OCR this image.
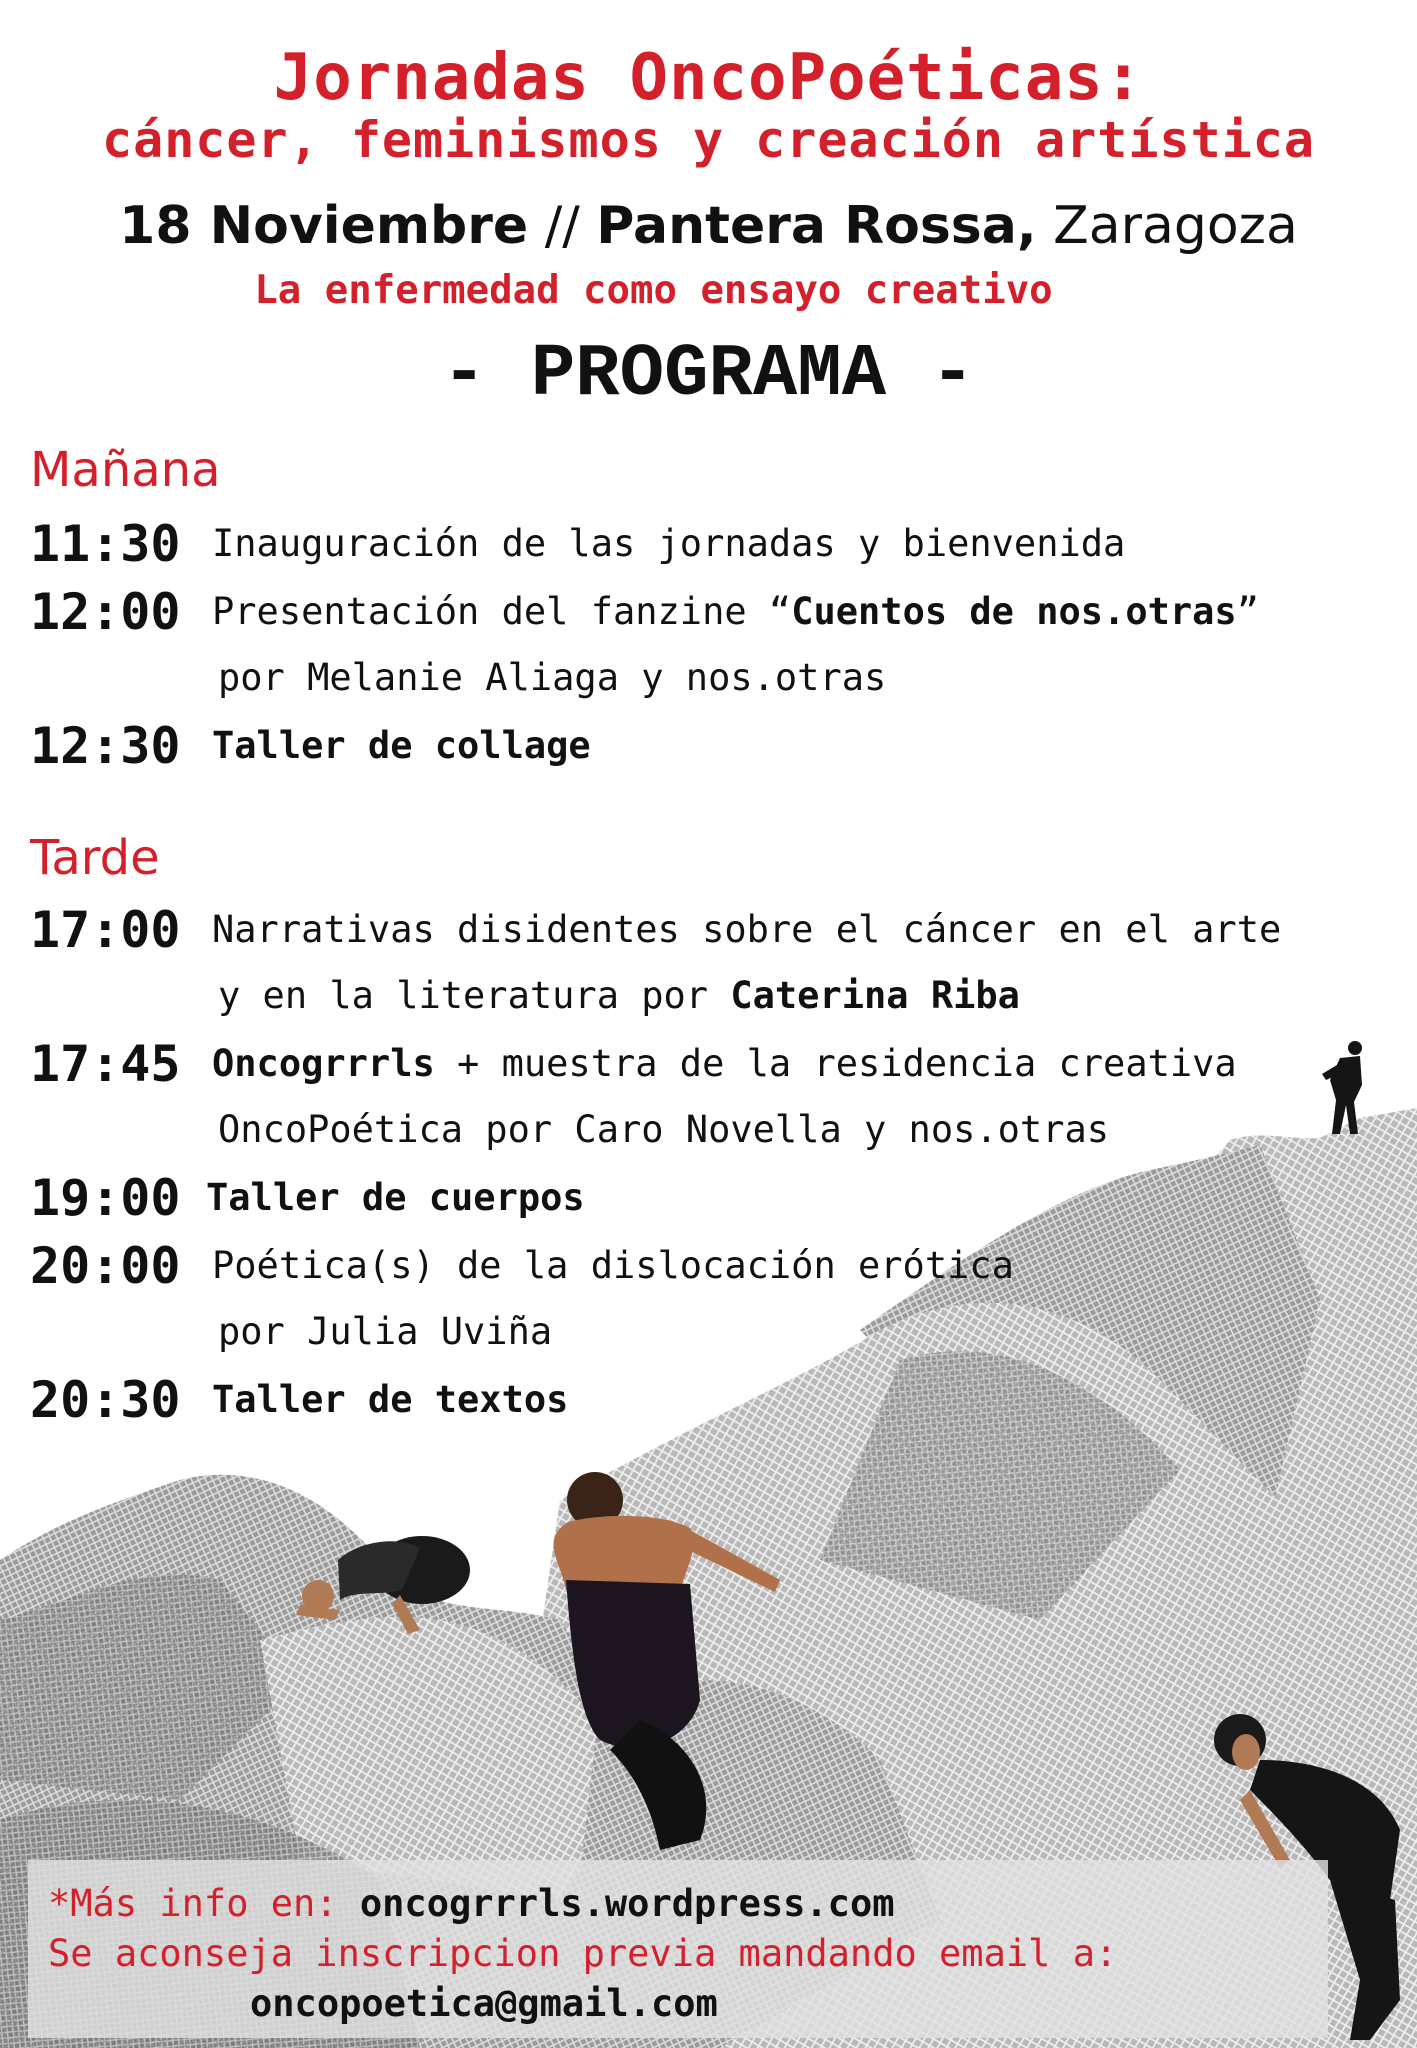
Jornadas OncoPoéticas:
cáncer, feminismos y creación artística
18 Noviembre // Pantera Rossa, Zaragoza
La enfermedad como ensayo creativo
- PROGRAMA -
Mañana
11:30 Inauguración de las jornadas y bienvenida
12:00 Presentación del fanzine “Cuentos de nos.otras”
por Melanie Aliaga y nos.otras
12:30 Taller de collage
Tarde
17:00 Narrativas disidentes sobre el cáncer en el arte
y en la literatura por Caterina Riba
17:45 Oncogrrrls + muestra de la residencia creativa
OncoPoética por Caro Novella y nos.otras
19:00 Taller de cuerpos
20:00 Poética(s) de la dislocación erótica
por Julia Uviña
20:30 Taller de textos
*Más info en: oncogrrrls.wordpress.com
Se aconseja inscripcion previa mandando email a:
oncopoetica@gmail.com
